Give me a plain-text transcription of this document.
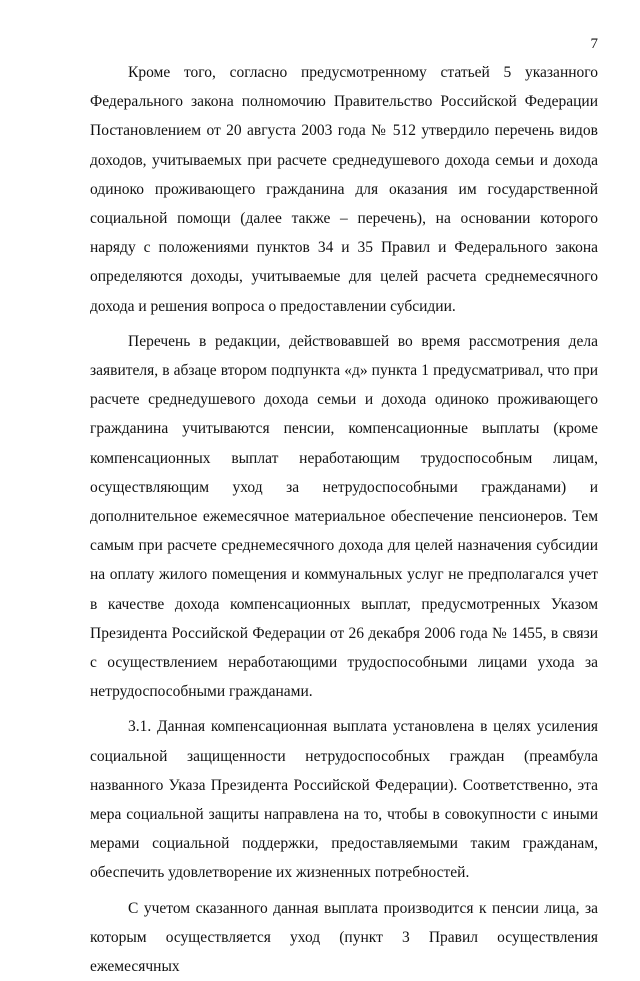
7

Кроме того, согласно предусмотренному статьей 5 указанного Федерального закона полномочию Правительство Российской Федерации Постановлением от 20 августа 2003 года № 512 утвердило перечень видов доходов, учитываемых при расчете среднедушевого дохода семьи и дохода одиноко проживающего гражданина для оказания им государственной социальной помощи (далее также – перечень), на основании которого наряду с положениями пунктов 34 и 35 Правил и Федерального закона определяются доходы, учитываемые для целей расчета среднемесячного дохода и решения вопроса о предоставлении субсидии.

Перечень в редакции, действовавшей во время рассмотрения дела заявителя, в абзаце втором подпункта «д» пункта 1 предусматривал, что при расчете среднедушевого дохода семьи и дохода одиноко проживающего гражданина учитываются пенсии, компенсационные выплаты (кроме компенсационных выплат неработающим трудоспособным лицам, осуществляющим уход за нетрудоспособными гражданами) и дополнительное ежемесячное материальное обеспечение пенсионеров. Тем самым при расчете среднемесячного дохода для целей назначения субсидии на оплату жилого помещения и коммунальных услуг не предполагался учет в качестве дохода компенсационных выплат, предусмотренных Указом Президента Российской Федерации от 26 декабря 2006 года № 1455, в связи с осуществлением неработающими трудоспособными лицами ухода за нетрудоспособными гражданами.

3.1. Данная компенсационная выплата установлена в целях усиления социальной защищенности нетрудоспособных граждан (преамбула названного Указа Президента Российской Федерации). Соответственно, эта мера социальной защиты направлена на то, чтобы в совокупности с иными мерами социальной поддержки, предоставляемыми таким гражданам, обеспечить удовлетворение их жизненных потребностей.

С учетом сказанного данная выплата производится к пенсии лица, за которым осуществляется уход (пункт 3 Правил осуществления ежемесячных
